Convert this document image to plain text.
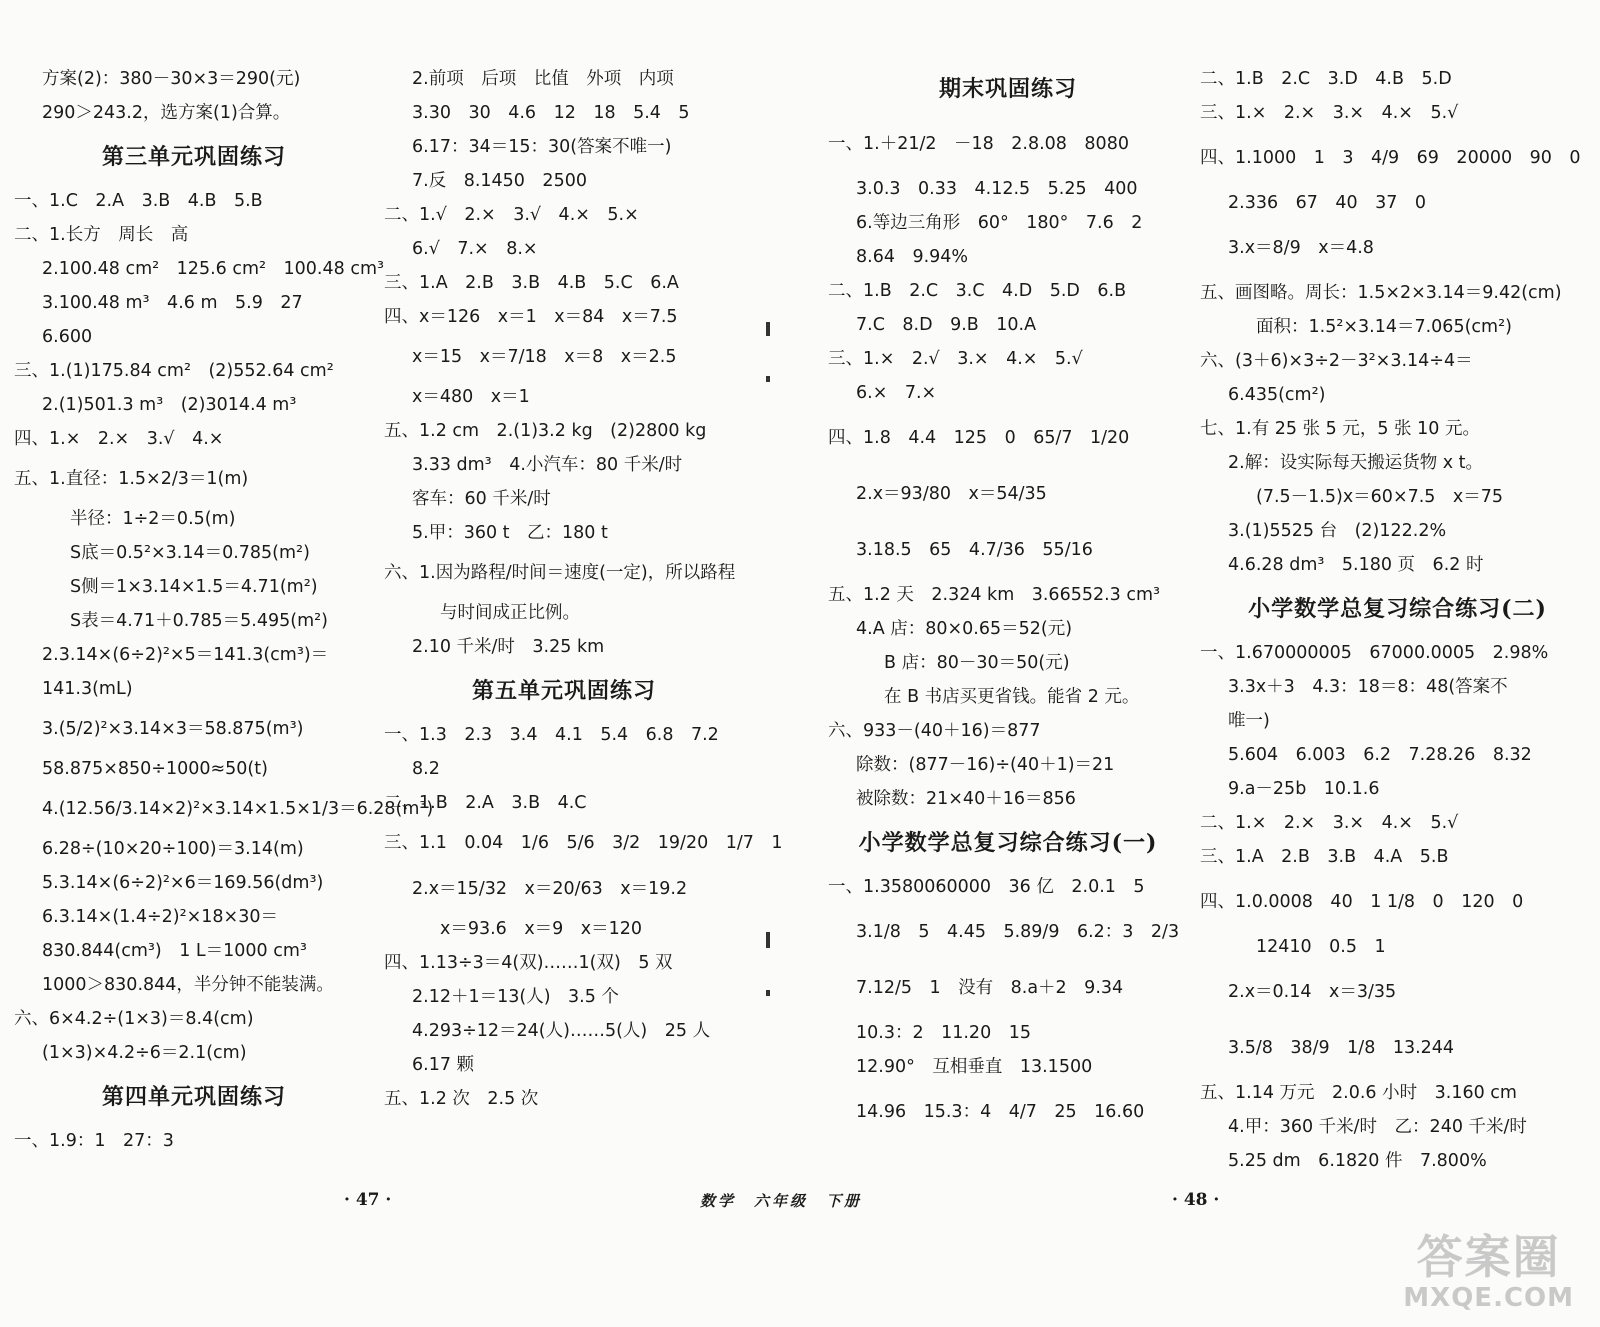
方案(2)：380－30×3＝290(元)
290＞243.2，选方案(1)合算。
第三单元巩固练习
一、1.C　2.A　3.B　4.B　5.B
二、1.长方　周长　高
2.100.48 cm²　125.6 cm²　100.48 cm³
3.100.48 m³　4.6 m　5.9　27
6.600
三、1.(1)175.84 cm²　(2)552.64 cm²
2.(1)501.3 m³　(2)3014.4 m³
四、1.×　2.×　3.√　4.×
五、1.直径：1.5×2/3＝1(m)
半径：1÷2＝0.5(m)
S底＝0.5²×3.14＝0.785(m²)
S侧＝1×3.14×1.5＝4.71(m²)
S表＝4.71＋0.785＝5.495(m²)
2.3.14×(6÷2)²×5＝141.3(cm³)＝
141.3(mL)
3.(5/2)²×3.14×3＝58.875(m³)
58.875×850÷1000≈50(t)
4.(12.56/3.14×2)²×3.14×1.5×1/3＝6.28(m³)
6.28÷(10×20÷100)＝3.14(m)
5.3.14×(6÷2)²×6＝169.56(dm³)
6.3.14×(1.4÷2)²×18×30＝
830.844(cm³)　1 L＝1000 cm³
1000＞830.844，半分钟不能装满。
六、6×4.2÷(1×3)＝8.4(cm)
(1×3)×4.2÷6＝2.1(cm)
第四单元巩固练习
一、1.9：1　27：3
2.前项　后项　比值　外项　内项
3.30　30　4.6　12　18　5.4　5
6.17：34＝15：30(答案不唯一)
7.反　8.1450　2500
二、1.√　2.×　3.√　4.×　5.×
6.√　7.×　8.×
三、1.A　2.B　3.B　4.B　5.C　6.A
四、x＝126　x＝1　x＝84　x＝7.5
x＝15　x＝7/18　x＝8　x＝2.5
x＝480　x＝1
五、1.2 cm　2.(1)3.2 kg　(2)2800 kg
3.33 dm³　4.小汽车：80 千米/时
客车：60 千米/时
5.甲：360 t　乙：180 t
六、1.因为路程/时间＝速度(一定)，所以路程
与时间成正比例。
2.10 千米/时　3.25 km
第五单元巩固练习
一、1.3　2.3　3.4　4.1　5.4　6.8　7.2
8.2
二、1.B　2.A　3.B　4.C
三、1.1　0.04　1/6　5/6　3/2　19/20　1/7　1
2.x＝15/32　x＝20/63　x＝19.2
x＝93.6　x＝9　x＝120
四、1.13÷3＝4(双)……1(双)　5 双
2.12＋1＝13(人)　3.5 个
4.293÷12＝24(人)……5(人)　25 人
6.17 颗
五、1.2 次　2.5 次
期末巩固练习
一、1.＋21/2　－18　2.8.08　8080
3.0.3　0.33　4.12.5　5.25　400
6.等边三角形　60°　180°　7.6　2
8.64　9.94%
二、1.B　2.C　3.C　4.D　5.D　6.B
7.C　8.D　9.B　10.A
三、1.×　2.√　3.×　4.×　5.√
6.×　7.×
四、1.8　4.4　125　0　65/7　1/20
2.x＝93/80　x＝54/35
3.18.5　65　4.7/36　55/16
五、1.2 天　2.324 km　3.66552.3 cm³
4.A 店：80×0.65＝52(元)
B 店：80－30＝50(元)
在 B 书店买更省钱。能省 2 元。
六、933－(40＋16)＝877
除数：(877－16)÷(40＋1)＝21
被除数：21×40＋16＝856
小学数学总复习综合练习(一)
一、1.3580060000　36 亿　2.0.1　5
3.1/8　5　4.45　5.89/9　6.2：3　2/3
7.12/5　1　没有　8.a＋2　9.34
10.3：2　11.20　15
12.90°　互相垂直　13.1500
14.96　15.3：4　4/7　25　16.60
二、1.B　2.C　3.D　4.B　5.D
三、1.×　2.×　3.×　4.×　5.√
四、1.1000　1　3　4/9　69　20000　90　0
2.336　67　40　37　0
3.x＝8/9　x＝4.8
五、画图略。周长：1.5×2×3.14＝9.42(cm)
面积：1.5²×3.14＝7.065(cm²)
六、(3＋6)×3÷2－3²×3.14÷4＝
6.435(cm²)
七、1.有 25 张 5 元，5 张 10 元。
2.解：设实际每天搬运货物 x t。
(7.5－1.5)x＝60×7.5　x＝75
3.(1)5525 台　(2)122.2%
4.6.28 dm³　5.180 页　6.2 时
小学数学总复习综合练习(二)
一、1.670000005　67000.0005　2.98%
3.3x＋3　4.3：18＝8：48(答案不
唯一)
5.604　6.003　6.2　7.28.26　8.32
9.a－25b　10.1.6
二、1.×　2.×　3.×　4.×　5.√
三、1.A　2.B　3.B　4.A　5.B
四、1.0.0008　40　1 1/8　0　120　0
12410　0.5　1
2.x＝0.14　x＝3/35
3.5/8　38/9　1/8　13.244
五、1.14 万元　2.0.6 小时　3.160 cm
4.甲：360 千米/时　乙：240 千米/时
5.25 dm　6.1820 件　7.800%
· 47 ·	数学　六年级　下册	· 48 ·
答案圈
MXQE.COM
